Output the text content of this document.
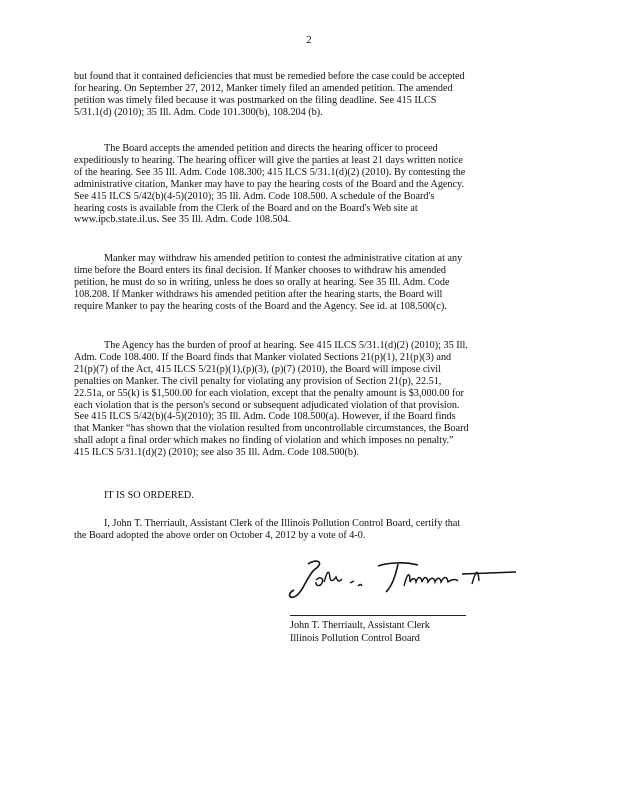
2

but found that it contained deficiencies that must be remedied before the case could be accepted
for hearing. On September 27, 2012, Manker timely filed an amended petition. The amended
petition was timely filed because it was postmarked on the filing deadline. See 415 ILCS
5/31.1(d) (2010); 35 Ill. Adm. Code 101.300(b), 108.204 (b).

The Board accepts the amended petition and directs the hearing officer to proceed
expeditiously to hearing. The hearing officer will give the parties at least 21 days written notice
of the hearing. See 35 Ill. Adm. Code 108.300; 415 ILCS 5/31.1(d)(2) (2010). By contesting the
administrative citation, Manker may have to pay the hearing costs of the Board and the Agency.
See 415 ILCS 5/42(b)(4-5)(2010); 35 Ill. Adm. Code 108.500. A schedule of the Board's
hearing costs is available from the Clerk of the Board and on the Board's Web site at
www.ipcb.state.il.us. See 35 Ill. Adm. Code 108.504.

Manker may withdraw his amended petition to contest the administrative citation at any
time before the Board enters its final decision. If Manker chooses to withdraw his amended
petition, he must do so in writing, unless he does so orally at hearing. See 35 Ill. Adm. Code
108.208. If Manker withdraws his amended petition after the hearing starts, the Board will
require Manker to pay the hearing costs of the Board and the Agency. See id. at 108.500(c).

The Agency has the burden of proof at hearing. See 415 ILCS 5/31.1(d)(2) (2010); 35 Ill.
Adm. Code 108.400. If the Board finds that Manker violated Sections 21(p)(1), 21(p)(3) and
21(p)(7) of the Act, 415 ILCS 5/21(p)(1),(p)(3), (p)(7) (2010), the Board will impose civil
penalties on Manker. The civil penalty for violating any provision of Section 21(p), 22.51,
22.51a, or 55(k) is $1,500.00 for each violation, except that the penalty amount is $3,000.00 for
each violation that is the person's second or subsequent adjudicated violation of that provision.
See 415 ILCS 5/42(b)(4-5)(2010); 35 Ill. Adm. Code 108.500(a). However, if the Board finds
that Manker “has shown that the violation resulted from uncontrollable circumstances, the Board
shall adopt a final order which makes no finding of violation and which imposes no penalty.”
415 ILCS 5/31.1(d)(2) (2010); see also 35 Ill. Adm. Code 108.500(b).

IT IS SO ORDERED.

I, John T. Therriault, Assistant Clerk of the Illinois Pollution Control Board, certify that
the Board adopted the above order on October 4, 2012 by a vote of 4-0.

John T. Therriault, Assistant Clerk
Illinois Pollution Control Board
